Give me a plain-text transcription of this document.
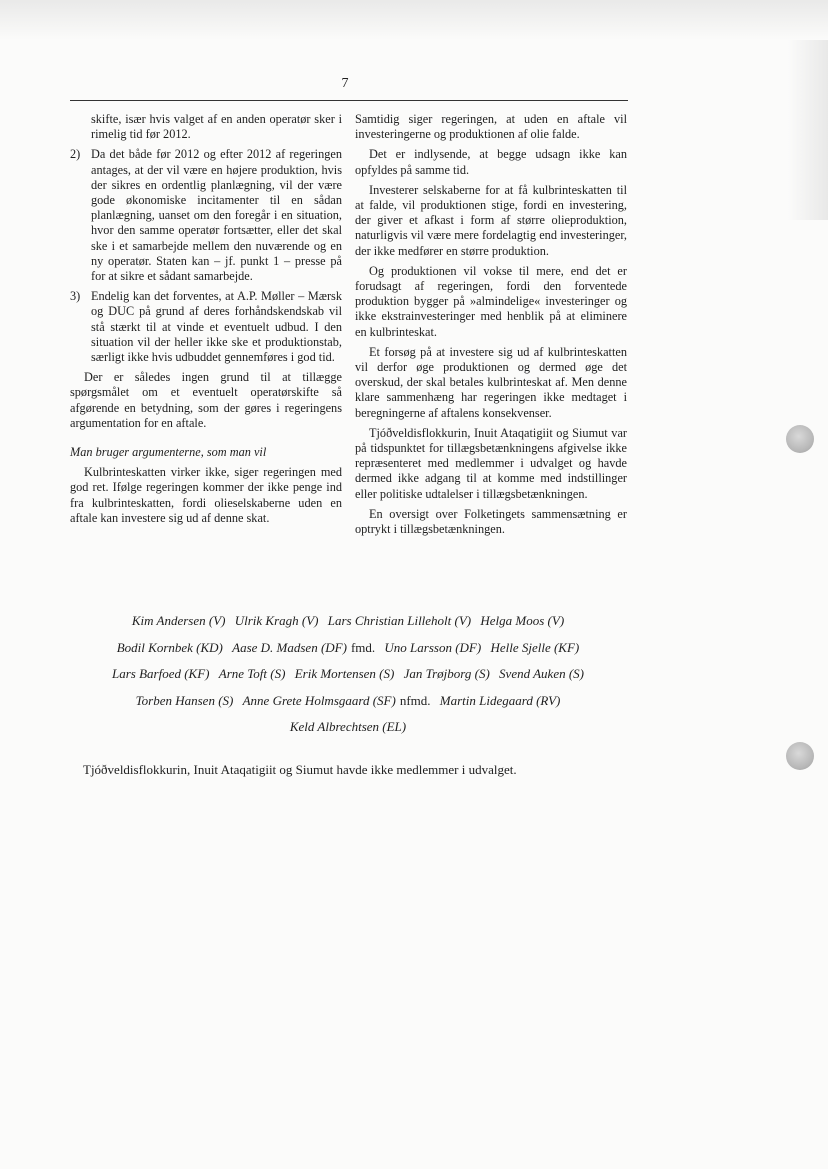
7

skifte, især hvis valget af en anden operatør sker i rimelig tid før 2012.

2) Da det både før 2012 og efter 2012 af regeringen antages, at der vil være en højere produktion, hvis der sikres en ordentlig planlægning, vil der være gode økonomiske incitamenter til en sådan planlægning, uanset om den foregår i en situation, hvor den samme operatør fortsætter, eller det skal ske i et samarbejde mellem den nuværende og en ny operatør. Staten kan – jf. punkt 1 – presse på for at sikre et sådant samarbejde.

3) Endelig kan det forventes, at A.P. Møller – Mærsk og DUC på grund af deres forhåndskendskab vil stå stærkt til at vinde et eventuelt udbud. I den situation vil der heller ikke ske et produktionstab, særligt ikke hvis udbuddet gennemføres i god tid.

Der er således ingen grund til at tillægge spørgsmålet om et eventuelt operatørskifte så afgørende en betydning, som der gøres i regeringens argumentation for en aftale.

Man bruger argumenterne, som man vil

Kulbrinteskatten virker ikke, siger regeringen med god ret. Ifølge regeringen kommer der ikke penge ind fra kulbrinteskatten, fordi olieselskaberne uden en aftale kan investere sig ud af denne skat.

Samtidig siger regeringen, at uden en aftale vil investeringerne og produktionen af olie falde.

Det er indlysende, at begge udsagn ikke kan opfyldes på samme tid.

Investerer selskaberne for at få kulbrinteskatten til at falde, vil produktionen stige, fordi en investering, der giver et afkast i form af større olieproduktion, naturligvis vil være mere fordelagtig end investeringer, der ikke medfører en større produktion.

Og produktionen vil vokse til mere, end det er forudsagt af regeringen, fordi den forventede produktion bygger på »almindelige« investeringer og ikke ekstrainvesteringer med henblik på at eliminere en kulbrinteskat.

Et forsøg på at investere sig ud af kulbrinteskatten vil derfor øge produktionen og dermed øge det overskud, der skal betales kulbrinteskat af. Men denne klare sammenhæng har regeringen ikke medtaget i beregningerne af aftalens konsekvenser.

Tjóðveldisflokkurin, Inuit Ataqatigiit og Siumut var på tidspunktet for tillægsbetænkningens afgivelse ikke repræsenteret med medlemmer i udvalget og havde dermed ikke adgang til at komme med indstillinger eller politiske udtalelser i tillægsbetænkningen.

En oversigt over Folketingets sammensætning er optrykt i tillægsbetænkningen.

Kim Andersen (V) Ulrik Kragh (V) Lars Christian Lilleholt (V) Helga Moos (V)
Bodil Kornbek (KD) Aase D. Madsen (DF) fmd. Uno Larsson (DF) Helle Sjelle (KF)
Lars Barfoed (KF) Arne Toft (S) Erik Mortensen (S) Jan Trøjborg (S) Svend Auken (S)
Torben Hansen (S) Anne Grete Holmsgaard (SF) nfmd. Martin Lidegaard (RV)
Keld Albrechtsen (EL)
Tjóðveldisflokkurin, Inuit Ataqatigiit og Siumut havde ikke medlemmer i udvalget.
